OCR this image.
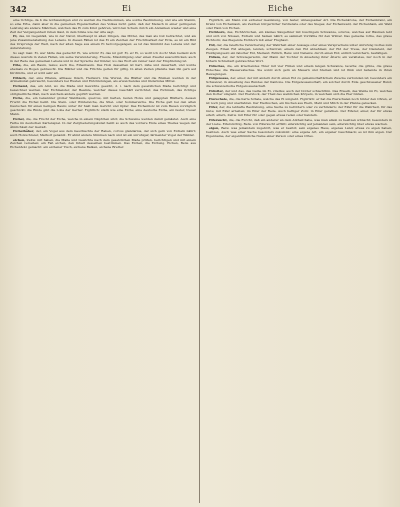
342	Ei	Eiche

eine richtige, da ß die nothwendigen erst zu werden die Nachkommen, wie solche Bestimmung, und wie ein Stamm, so eine Erbe, dann aber in die gemeinen Eigenschaften des Volkes nicht gehn; daß der Mensch in einer geringeren Leistung als andere Mädchen, welchen das Ei zum Kind gehören, wird den Schein durch ein Andenken wieder und eine Zeit der Vergangenheit ruhen lässt, in dem Sinne wie der Alte sagt.

Ei, das, im Gegenfall, wie in der Natur, überhaupt in allen Dingen, das Mittel, das man als Gut betrachtet, und als jene Zusammenstellung des Lebens. In diesen Fällen ist das Ei ein Zeichen der Fruchtbarkeit der Erde, es ist ein Bild des Ursprungs der Welt, nach der alten Sage aus einem Ei hervorgegangen; es ist das Sinnbild des Lebens und der Auferstehung.

So sagt man: Ei, wer hätte das gedacht! Ei, wie schön! Ei, das ist gut! Ei, ei! Ei, so wollt ich doch! Man bedient sich dieses Ausrufs in vielen Fällen, um seine Verwunderung, Freude, Missbilligung oder einen Zweifel auszudrücken; auch in der Rede des gemeinen Lebens und in der Sprache der Kinder, wo das Wort ein reiner Laut der Empfindung ist.

Eibe, die, ein Baum, taxus; auch Ibe, Eibenbaum. Das Holz desselben ist hart, zähe und dauerhaft, und wurde ehemals zu Bogen gebraucht. Die Blätter und die Früchte gelten für giftig. In alten Zeiten pflanzte man ihn gern auf Kirchhöfe, und er wird sehr alt.

Eibisch, der, eine Pflanze, althaea; Ibisch, Heilwurz. Die Wurzel, die Blätter und die Blumen werden in der Arzneikunst gebraucht, besonders bei Husten und Entzündungen, als erweichendes und linderndes Mittel.

Eichamt, das, ein Amt, wo die Maße und Gewichte geeicht, d. i. nach dem gesetzlichen Maße berichtigt und bezeichnet werden. Der Eichmeister, der Beamte, welcher dieses Geschäft verrichtet; das Eichmaß, das richtige obrigkeitliche Maß, nach welchem andere geprüft werden.

Eiche, die, ein bekannter großer Waldbaum, quercus, mit harten, festen Holze und gelappten Blättern, dessen Frucht die Eichel heißt. Die Stein- oder Wintereiche, die Stiel- oder Sommereiche. Die Eiche galt bei den alten Deutschen für einen heiligen Baum; unter ihr hielt man Gericht und Opfer. Das Eichenholz ist zum Bauen vorzüglich geschickt; die Rinde gibt die Lohe der Gerber. Figürlich: stark wie eine Eiche; eine deutsche Eiche, ein fester, treuer Mann.

Eichel, die, die Frucht der Eiche, welche in einem Näpfchen sitzt; die Schweine werden damit gemästet. Auch eine Farbe im deutschen Kartenspiel. In der Zergliederungskunst heißt so auch das vordere Ende eines Theiles wegen der Ähnlichkeit der Gestalt.

Eichelhäher, der, ein Vogel aus dem Geschlechte der Raben, corvus glandarius, der sich gern von Eicheln nährt; auch Holzschreier, Markolf genannt. Er ahmt andere Stimmen nach und ist ein unruhiger, lärmender Vogel der Wälder.

eichen, Zeitw. mit haben, die Maße und Gewichte nach dem gesetzlichen Maße prüfen, berichtigen und mit einem Zeichen versehen; ein Faß eichen, den Inhalt desselben bestimmen. Das Eichen, die Eichung. Eichen, Beiw. aus Eichenholz gemacht: ein eichener Tisch, eichene Balken, eichene Bretter.

Figürlich, ein Mann von eichener Gesinnung, von fester, unbeugsamer Art. Die Eichenkrone, der Eichenkranz, ein Kranz von Eichenlaub, als Zeichen bürgerlicher Verdienste oder des Sieges; der Eichenwald, der Eichenhain, ein Wald oder Hain von Eichen.

Eichhorn, das, Eichhörnchen, ein kleines Säugethier mit buschigem Schwanze, sciurus, welches auf Bäumen lebt und sich von Nüssen, Eicheln und Samen nährt; es sammelt Vorräthe für den Winter. Das gemeine rothe, das graue Eichhorn; das fliegende Eichhorn mit einer Flughaut.

Eid, der, die feierliche Versicherung der Wahrheit einer Aussage oder eines Versprechens unter Anrufung Gottes zum Zeugen. Einen Eid ablegen, leisten, schwören; einem den Eid abnehmen; der Eid der Treue, der Diensteid, der Huldigungseid; ein falscher Eid, Meineid. Eidlich, Beiw. und Nebenw. durch einen Eid; eidlich versichern, bestätigen.

Eidam, der, der Schwiegersohn, der Mann der Tochter in Ansehung ihrer Ältern; ein veraltetes, nur noch in der höhern Schreibart gebrauchtes Wort.

Eidechse, die, ein kriechendes Thier mit vier Füßen und einem langen Schwanze, lacerta; die grüne, die graue Eidechse; die Wassereidechse. Sie sonnt sich gern an Mauern und Steinen und ist flink und behende in ihren Bewegungen.

Eidgenosse, der, einer, der mit andern durch einen Eid zu gemeinschaftlichem Zwecke verbunden ist; besonders ein Schweizer, in Ansehung des Bundes der Kantone. Die Eidgenossenschaft, ein solcher durch Eide geschlossener Bund; die schweizerische Eidgenossenschaft.

Eidotter, der und das, das Gelbe im Ei, vitellus; auch der Dotter schlechthin. Das Eiweiß, das Weiße im Ei, welches den Dotter umgiebt. Der Eierstock, der Theil des weiblichen Körpers, in welchem sich die Eier bilden.

Eierschale, die, die harte Schale, welche das Ei umgiebt. Figürlich: er hat die Eierschalen noch hinter den Ohren, er ist noch jung und unerfahren. Der Eierkuchen, ein Kuchen aus Eiern, Mehl und Milch in der Pfanne gebacken.

Eifer, der, die lebhafte Bestrebung, eine Sache zu befördern oder zu verhindern; der Eifer für die Wahrheit, für das Gute; mit Eifer arbeiten; im Eifer der Rede. Auch heftiger Zorn: in Eifer gerathen. Der Eiferer, einer, der für etwas eifert; eifern, Zeitw. mit Eifer für oder gegen etwas reden oder handeln.

Eifersucht, die, die Furcht, daß ein anderer an dem Antheil habe, was man allein zu besitzen wünscht; besonders in der Liebe. Eifersüchtig, Beiw. von Eifersucht erfüllt; eifersüchtig auf jemanden sein, eifersüchtig über etwas wachen.

eigen, Beiw. was jemandem zugehört, was er besitzt; sein eigenes Haus, eigenes Land; etwas zu eigen haben, besitzen. Auch was einer Sache besonders zukommt: eine eigene Art, ein eigener Geschmack; es ist ihm eigen. Der Eigenname, der eigenthümliche Name einer Person oder eines Ortes.
